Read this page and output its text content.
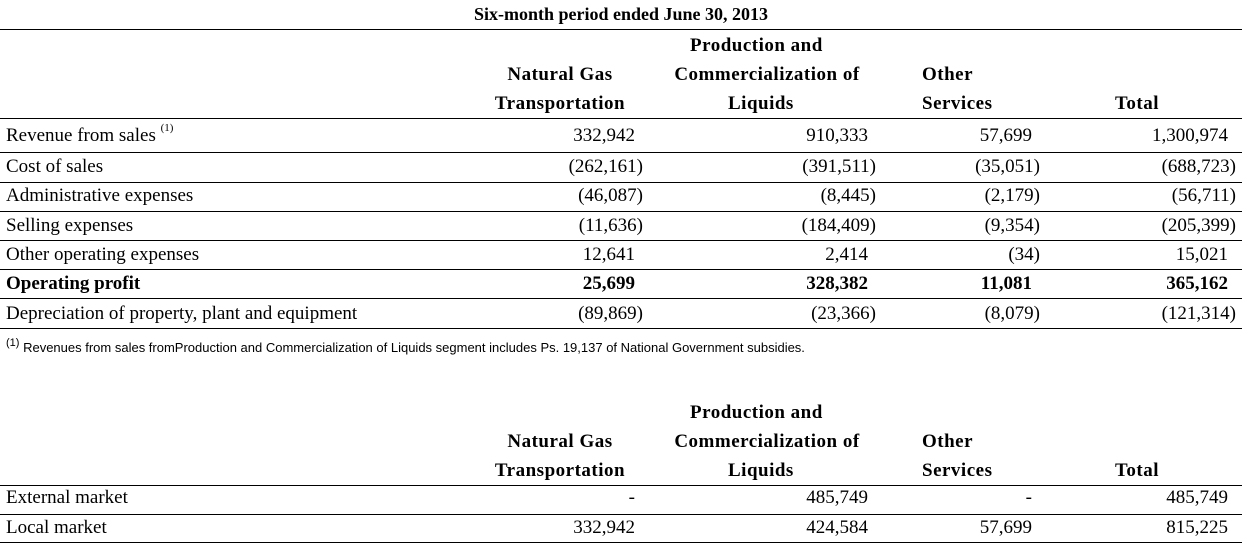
Six-month period ended June 30, 2013
Production and
Natural Gas	Commercialization of	Other
Transportation	Liquids	Services	Total
Revenue from sales $^{(1)}$	332,942	910,333	57,699	1,300,974
Cost of sales	(262,161)	(391,511)	(35,051)	(688,723)
Administrative expenses	(46,087)	(8,445)	(2,179)	(56,711)
Selling expenses	(11,636)	(184,409)	(9,354)	(205,399)
Other operating expenses	12,641	2,414	(34)	15,021
Operating profit	25,699	328,382	11,081	365,162
Depreciation of property, plant and equipment	(89,869)	(23,366)	(8,079)	(121,314)
$^{(1)}$ Revenues from sales fromProduction and Commercialization of Liquids segment includes Ps. 19,137 of National Government subsidies.
Production and
Natural Gas	Commercialization of	Other
Transportation	Liquids	Services	Total
External market	-	485,749	-	485,749
Local market	332,942	424,584	57,699	815,225
